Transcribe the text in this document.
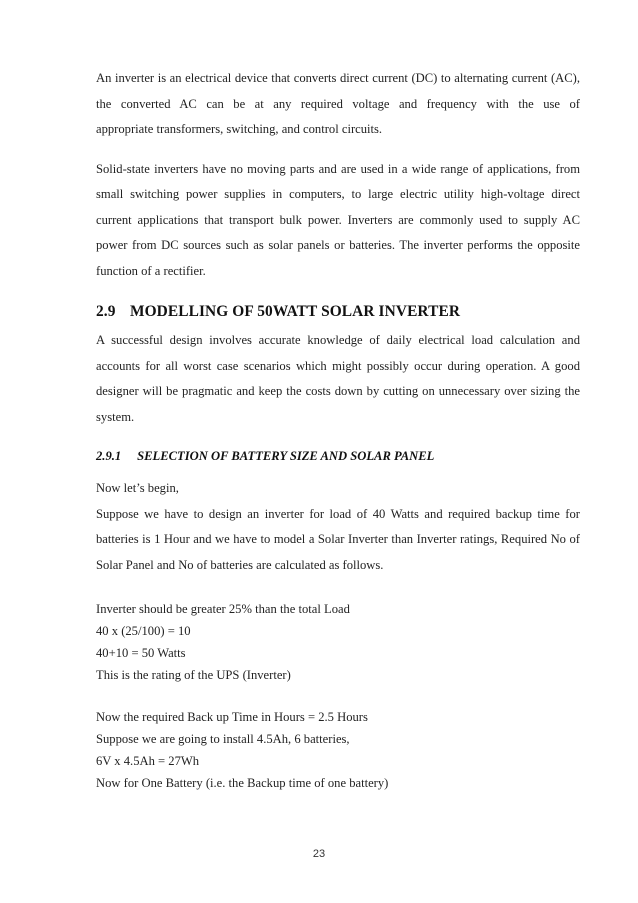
An inverter is an electrical device that converts direct current (DC) to alternating current (AC),
the converted AC can be at any required voltage and frequency with the use of
appropriate transformers, switching, and control circuits.

Solid-state inverters have no moving parts and are used in a wide range of applications, from
small switching power supplies in computers, to large electric utility high-voltage direct
current applications that transport bulk power. Inverters are commonly used to supply AC
power from DC sources such as solar panels or batteries. The inverter performs the opposite
function of a rectifier.

2.9 MODELLING OF 50WATT SOLAR INVERTER

A successful design involves accurate knowledge of daily electrical load calculation and
accounts for all worst case scenarios which might possibly occur during operation. A good
designer will be pragmatic and keep the costs down by cutting on unnecessary over sizing the
system.

2.9.1 SELECTION OF BATTERY SIZE AND SOLAR PANEL

Now let’s begin,
Suppose we have to design an inverter for load of 40 Watts and required backup time for
batteries is 1 Hour and we have to model a Solar Inverter than Inverter ratings, Required No of
Solar Panel and No of batteries are calculated as follows.

Inverter should be greater 25% than the total Load

40 x (25/100) = 10

40+10 = 50 Watts

This is the rating of the UPS (Inverter)

Now the required Back up Time in Hours = 2.5 Hours

Suppose we are going to install 4.5Ah, 6 batteries,

6V x 4.5Ah = 27Wh

Now for One Battery (i.e. the Backup time of one battery)

23
